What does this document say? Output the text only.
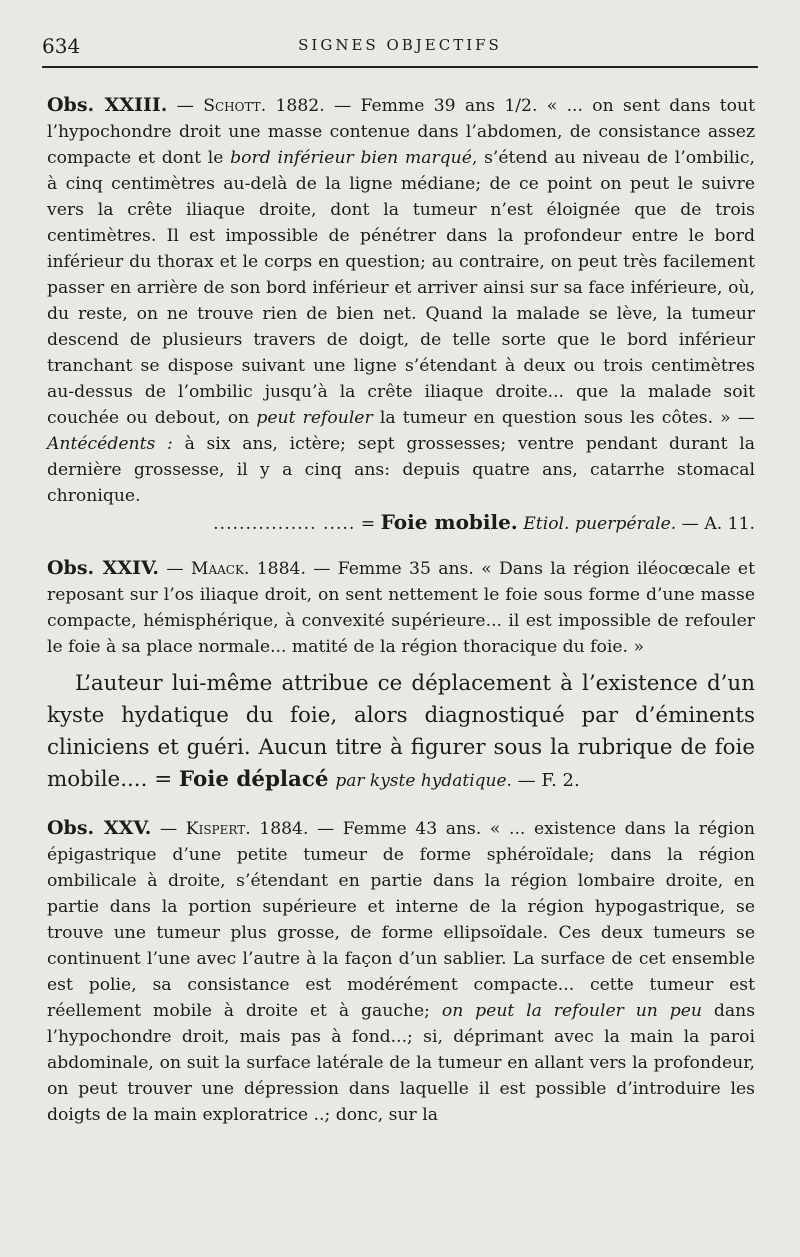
634	SIGNES OBJECTIFS

Obs. XXIII. — Schott. 1882. — Femme 39 ans 1/2. « ... on sent dans tout l’hypochondre droit une masse contenue dans l’abdomen, de consistance assez compacte et dont le bord inférieur bien marqué, s’étend au niveau de l’ombilic, à cinq centimètres au-delà de la ligne médiane; de ce point on peut le suivre vers la crête iliaque droite, dont la tumeur n’est éloignée que de trois centimètres. Il est impossible de pénétrer dans la profondeur entre le bord inférieur du thorax et le corps en question; au contraire, on peut très facilement passer en arrière de son bord inférieur et arriver ainsi sur sa face inférieure, où, du reste, on ne trouve rien de bien net. Quand la malade se lève, la tumeur descend de plusieurs travers de doigt, de telle sorte que le bord inférieur tranchant se dispose suivant une ligne s’étendant à deux ou trois centimètres au-dessus de l’ombilic jusqu’à la crête iliaque droite... que la malade soit couchée ou debout, on peut refouler la tumeur en question sous les côtes. » — Antécédents : à six ans, ictère; sept grossesses; ventre pendant durant la dernière grossesse, il y a cinq ans: depuis quatre ans, catarrhe stomacal chronique.

................ ..... = Foie mobile. Etiol. puerpérale. — A. 11.

Obs. XXIV. — Maack. 1884. — Femme 35 ans. « Dans la région iléocœcale et reposant sur l’os iliaque droit, on sent nettement le foie sous forme d’une masse compacte, hémisphérique, à convexité supérieure... il est impossible de refouler le foie à sa place normale... matité de la région thoracique du foie. »

L’auteur lui-même attribue ce déplacement à l’existence d’un kyste hydatique du foie, alors diagnostiqué par d’éminents cliniciens et guéri. Aucun titre à figurer sous la rubrique de foie mobile.... = Foie déplacé par kyste hydatique. — F. 2.

Obs. XXV. — Kispert. 1884. — Femme 43 ans. « ... existence dans la région épigastrique d’une petite tumeur de forme sphéroïdale; dans la région ombilicale à droite, s’étendant en partie dans la région lombaire droite, en partie dans la portion supérieure et interne de la région hypogastrique, se trouve une tumeur plus grosse, de forme ellipsoïdale. Ces deux tumeurs se continuent l’une avec l’autre à la façon d’un sablier. La surface de cet ensemble est polie, sa consistance est modérément compacte... cette tumeur est réellement mobile à droite et à gauche; on peut la refouler un peu dans l’hypochondre droit, mais pas à fond...; si, déprimant avec la main la paroi abdominale, on suit la surface latérale de la tumeur en allant vers la profondeur, on peut trouver une dépression dans laquelle il est possible d’introduire les doigts de la main exploratrice ..; donc, sur la
